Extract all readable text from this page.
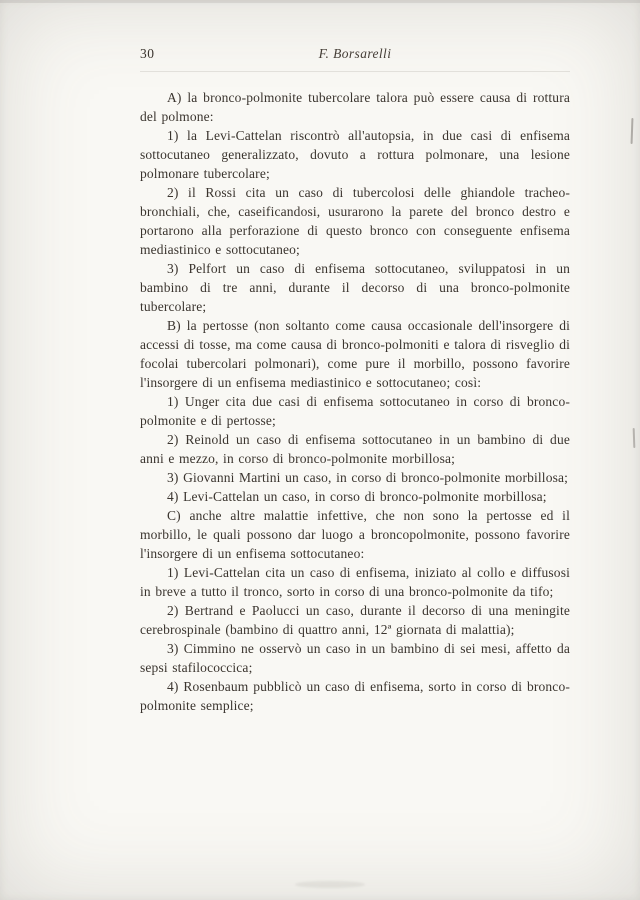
30	F. Borsarelli

A) la bronco-polmonite tubercolare talora può essere causa di rottura del polmone:

1) la Levi-Cattelan riscontrò all'autopsia, in due casi di enfisema sottocutaneo generalizzato, dovuto a rottura polmonare, una lesione polmonare tubercolare;

2) il Rossi cita un caso di tubercolosi delle ghiandole tracheo-bronchiali, che, caseificandosi, usurarono la parete del bronco destro e portarono alla perforazione di questo bronco con conseguente enfisema mediastinico e sottocutaneo;

3) Pelfort un caso di enfisema sottocutaneo, sviluppatosi in un bambino di tre anni, durante il decorso di una bronco-polmonite tubercolare;

B) la pertosse (non soltanto come causa occasionale dell'insorgere di accessi di tosse, ma come causa di bronco-polmoniti e talora di risveglio di focolai tubercolari polmonari), come pure il morbillo, possono favorire l'insorgere di un enfisema mediastinico e sottocutaneo; così:

1) Unger cita due casi di enfisema sottocutaneo in corso di bronco-polmonite e di pertosse;

2) Reinold un caso di enfisema sottocutaneo in un bambino di due anni e mezzo, in corso di bronco-polmonite morbillosa;

3) Giovanni Martini un caso, in corso di bronco-polmonite morbillosa;

4) Levi-Cattelan un caso, in corso di bronco-polmonite morbillosa;

C) anche altre malattie infettive, che non sono la pertosse ed il morbillo, le quali possono dar luogo a broncopolmonite, possono favorire l'insorgere di un enfisema sottocutaneo:

1) Levi-Cattelan cita un caso di enfisema, iniziato al collo e diffusosi in breve a tutto il tronco, sorto in corso di una bronco-polmonite da tifo;

2) Bertrand e Paolucci un caso, durante il decorso di una meningite cerebrospinale (bambino di quattro anni, 12ª giornata di malattia);

3) Cimmino ne osservò un caso in un bambino di sei mesi, affetto da sepsi stafilococcica;

4) Rosenbaum pubblicò un caso di enfisema, sorto in corso di bronco-polmonite semplice;
